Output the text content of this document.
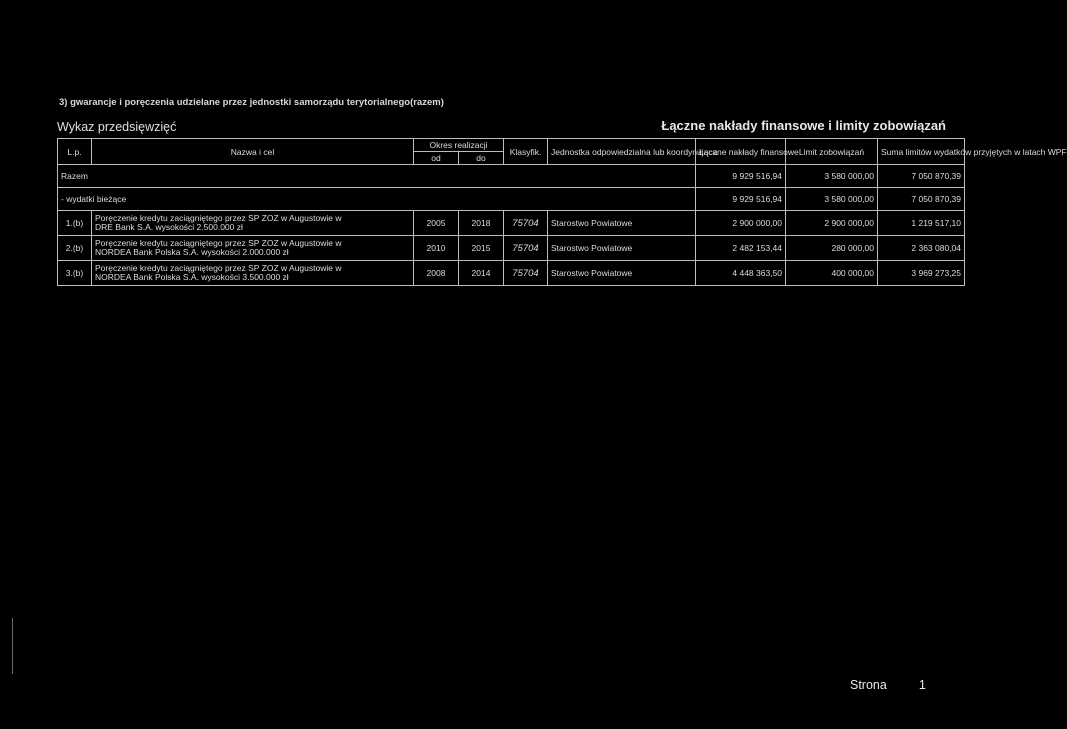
3) gwarancje i poręczenia udzielane przez jednostki samorządu terytorialnego(razem)
Wykaz przedsięwzięć	Łączne nakłady finansowe i limity zobowiązań
L.p.	Nazwa i cel	Okres realizacji		Klasyfik.	Jednostka odpowiedzialna lub koordynująca	Łączne nakłady finansowe	Limit zobowiązań	Suma limitów wydatków przyjętych w latach WPF
		od	do					
Razem						9 929 516,94	3 580 000,00	7 050 870,39
- wydatki bieżące						9 929 516,94	3 580 000,00	7 050 870,39
1.(b)	Poręczenie kredytu zaciągniętego przez SP ZOZ w Augustowie w
DRE Bank S.A. wysokości 2.500.000 zł	2005	2018	75704	Starostwo Powiatowe	2 900 000,00	2 900 000,00	1 219 517,10
2.(b)	Poręczenie kredytu zaciągniętego przez SP ZOZ w Augustowie w
NORDEA Bank Polska S.A. wysokości 2.000.000 zł	2010	2015	75704	Starostwo Powiatowe	2 482 153,44	280 000,00	2 363 080,04
3.(b)	Poręczenie kredytu zaciągniętego przez SP ZOZ w Augustowie w
NORDEA Bank Polska S.A. wysokości 3.500.000 zł	2008	2014	75704	Starostwo Powiatowe	4 448 363,50	400 000,00	3 969 273,25
Strona	1
